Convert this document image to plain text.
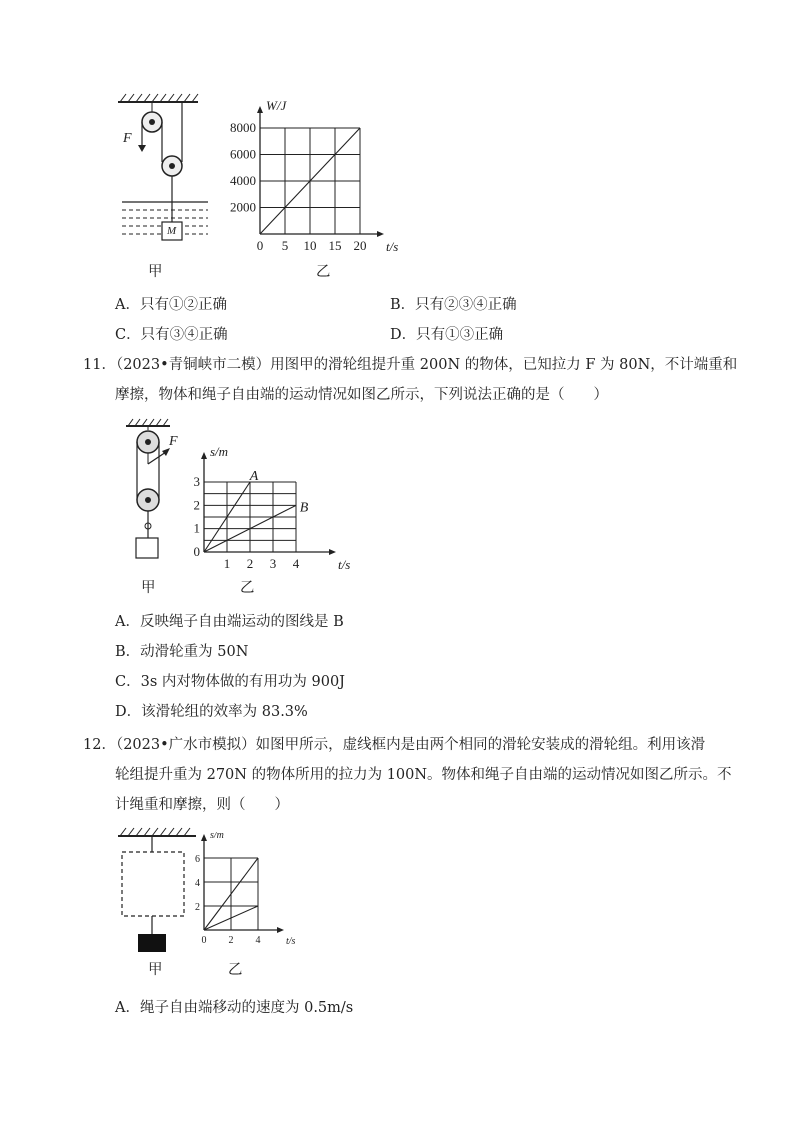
F
M
甲
8000
6000
4000
2000
0 5 10 15 20
W/J
t/s
乙
A．只有①②正确	B．只有②③④正确
C．只有③④正确	D．只有①③正确
11．（2023•青铜峡市二模）用图甲的滑轮组提升重 200N 的物体，已知拉力 F 为 80N，不计端重和
摩擦，物体和绳子自由端的运动情况如图乙所示，下列说法正确的是（　　）
F
甲
3
2
1
0
1 2 3 4
s/m
t/s
A
B
乙
A．反映绳子自由端运动的图线是 B
B．动滑轮重为 50N
C．3s 内对物体做的有用功为 900J
D．该滑轮组的效率为 83.3%
12．（2023•广水市模拟）如图甲所示，虚线框内是由两个相同的滑轮安装成的滑轮组。利用该滑
轮组提升重为 270N 的物体所用的拉力为 100N。物体和绳子自由端的运动情况如图乙所示。不
计绳重和摩擦，则（　　）
甲
6
4
2
0 2 4
s/m
t/s
乙
A．绳子自由端移动的速度为 0.5m/s
